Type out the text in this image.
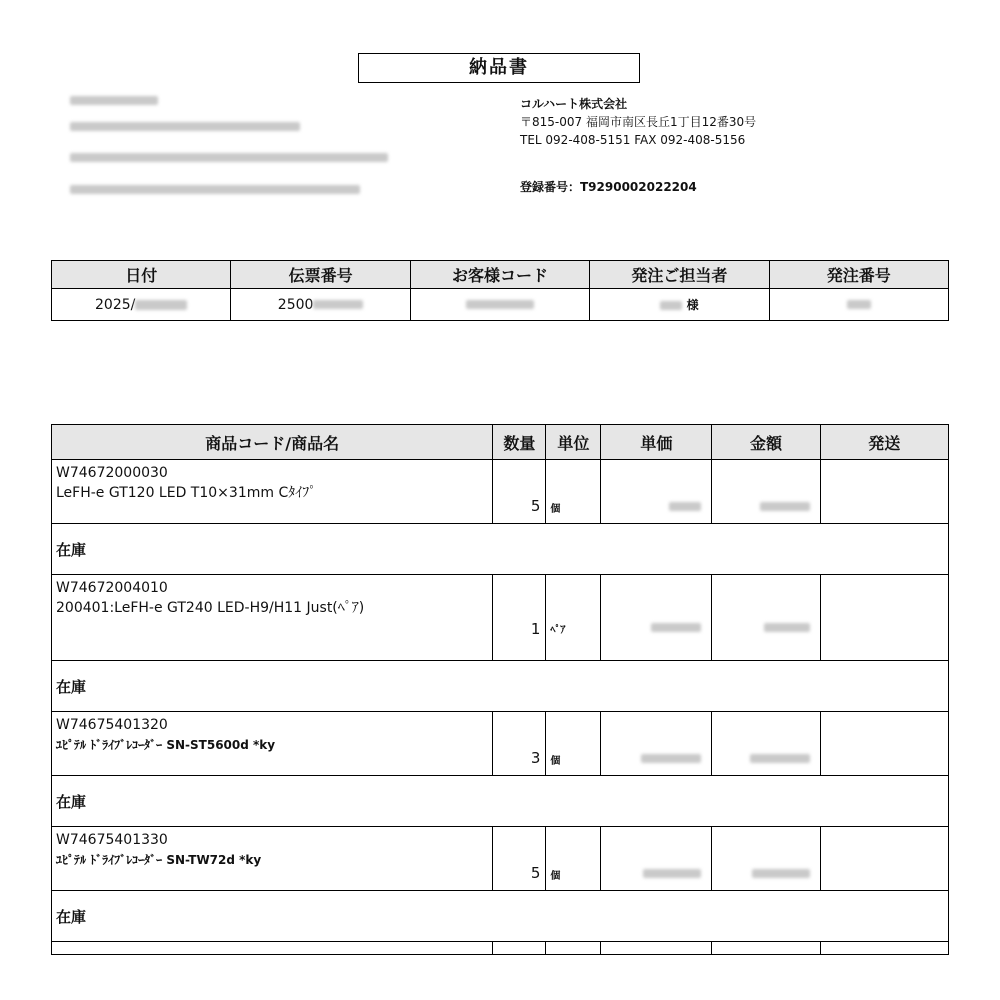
納品書
コルハート株式会社
〒815-007 福岡市南区長丘1丁目12番30号
TEL 092-408-5151 FAX 092-408-5156
登録番号：T9290002022204
日付	伝票番号	お客様コード	発注ご担当者	発注番号
2025/	2500		様	
商品コード/商品名	数量	単位	単価	金額	発送

W74672000030
LeFH-e GT120 LED T10×31mm Cﾀｲﾌﾟ	5	個			
在庫					

W74672004010
200401:LeFH-e GT240 LED-H9/H11 Just(ﾍﾟｱ)	1	ﾍﾟｱ			
在庫					

W74675401320
ﾕﾋﾟﾃﾙ ﾄﾞﾗｲﾌﾞﾚｺｰﾀﾞｰ SN-ST5600d *ky	3	個			
在庫					

W74675401330
ﾕﾋﾟﾃﾙ ﾄﾞﾗｲﾌﾞﾚｺｰﾀﾞｰ SN-TW72d *ky	5	個			
在庫					
